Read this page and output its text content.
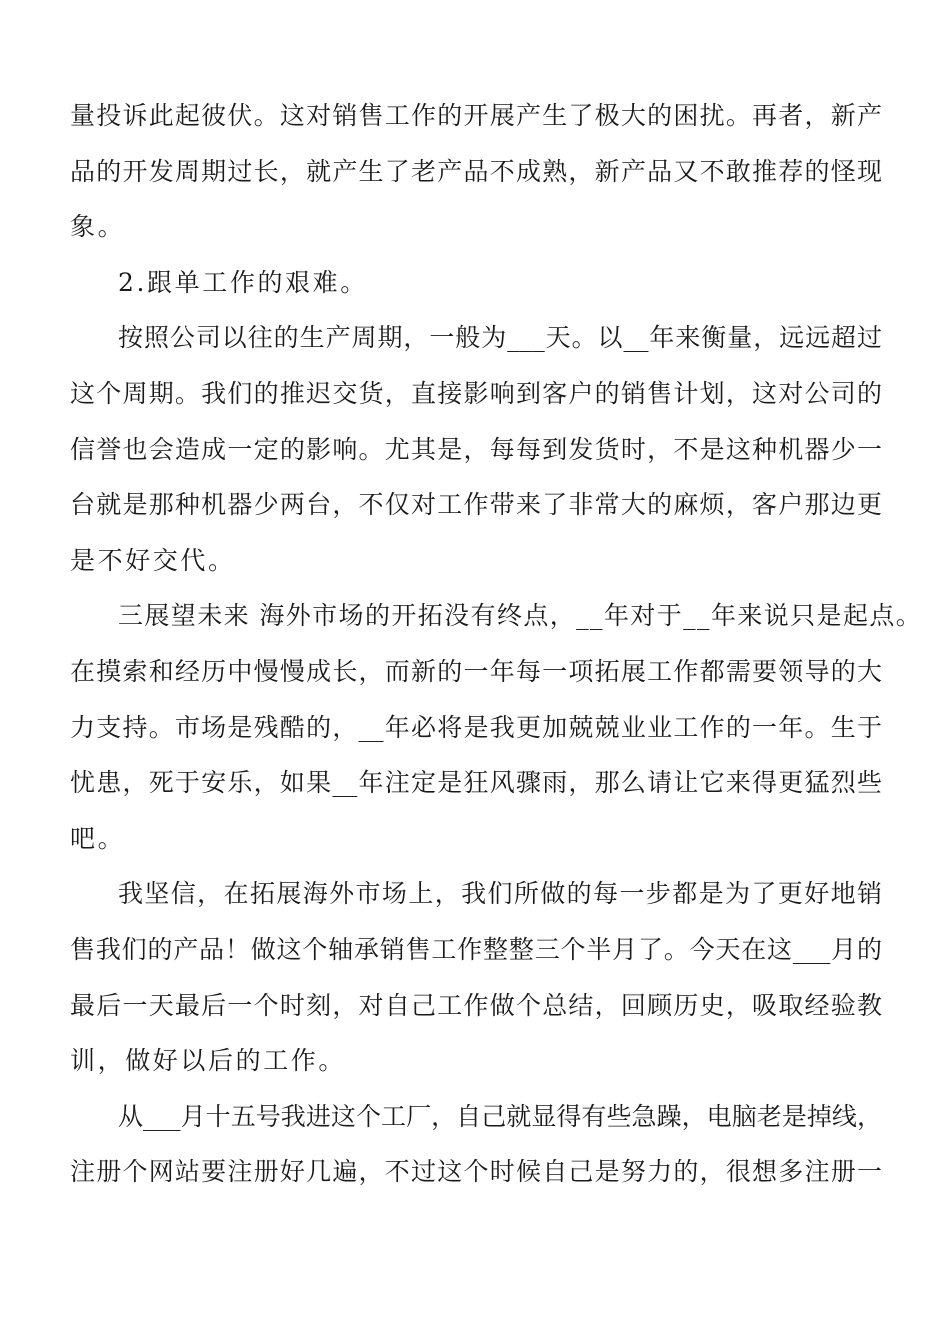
量投诉此起彼伏。这对销售工作的开展产生了极大的困扰。再者，新产
品的开发周期过长，就产生了老产品不成熟，新产品又不敢推荐的怪现
象。
2.跟单工作的艰难。
按照公司以往的生产周期，一般为___天。以__年来衡量，远远超过
这个周期。我们的推迟交货，直接影响到客户的销售计划，这对公司的
信誉也会造成一定的影响。尤其是，每每到发货时，不是这种机器少一
台就是那种机器少两台，不仅对工作带来了非常大的麻烦，客户那边更
是不好交代。
三展望未来 海外市场的开拓没有终点，__年对于__年来说只是起点。
在摸索和经历中慢慢成长，而新的一年每一项拓展工作都需要领导的大
力支持。市场是残酷的，__年必将是我更加兢兢业业工作的一年。生于
忧患，死于安乐，如果__年注定是狂风骤雨，那么请让它来得更猛烈些
吧。
我坚信，在拓展海外市场上，我们所做的每一步都是为了更好地销
售我们的产品！做这个轴承销售工作整整三个半月了。今天在这___月的
最后一天最后一个时刻，对自己工作做个总结，回顾历史，吸取经验教
训，做好以后的工作。
从___月十五号我进这个工厂，自己就显得有些急躁，电脑老是掉线，
注册个网站要注册好几遍，不过这个时候自己是努力的，很想多注册一
